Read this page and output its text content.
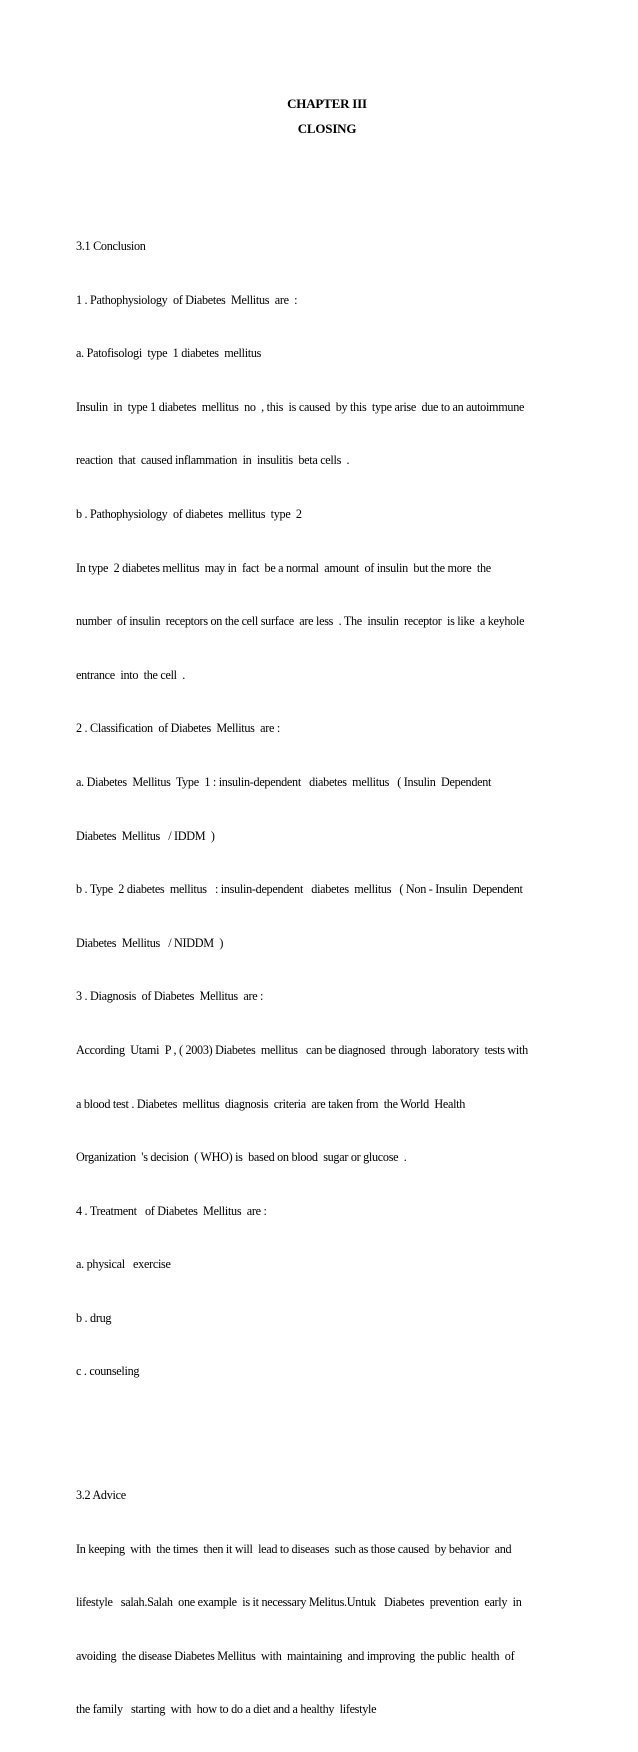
CHAPTER III
CLOSING

3.1 Conclusion

1 . Pathophysiology  of Diabetes  Mellitus  are  :

a. Patofisologi  type  1 diabetes  mellitus

Insulin  in  type 1 diabetes  mellitus  no  , this  is caused  by this  type arise  due to an autoimmune

reaction  that  caused inflammation  in  insulitis  beta cells  .

b . Pathophysiology  of diabetes  mellitus  type  2

In type  2 diabetes mellitus  may in  fact  be a normal  amount  of insulin  but the more  the

number  of insulin  receptors on the cell surface  are less  . The  insulin  receptor  is like  a keyhole

entrance  into  the cell  .

2 . Classification  of Diabetes  Mellitus  are :

a. Diabetes  Mellitus  Type  1 : insulin-dependent   diabetes  mellitus   ( Insulin  Dependent

Diabetes  Mellitus   / IDDM  )

b . Type  2 diabetes  mellitus   : insulin-dependent   diabetes  mellitus   ( Non - Insulin  Dependent

Diabetes  Mellitus   / NIDDM  )

3 . Diagnosis  of Diabetes  Mellitus  are :

According  Utami  P , ( 2003) Diabetes  mellitus   can be diagnosed  through  laboratory  tests with

a blood test . Diabetes  mellitus  diagnosis  criteria  are taken from  the World  Health

Organization  's decision  ( WHO) is  based on blood  sugar or glucose  .

4 . Treatment   of Diabetes  Mellitus  are :

a. physical   exercise

b . drug

c . counseling

3.2 Advice

In keeping  with  the times  then it will  lead to diseases  such as those caused  by behavior  and

lifestyle   salah.Salah  one example  is it necessary Melitus.Untuk   Diabetes  prevention  early  in

avoiding  the disease Diabetes Mellitus  with  maintaining  and improving  the public  health  of

the family   starting  with  how to do a diet and a healthy  lifestyle
